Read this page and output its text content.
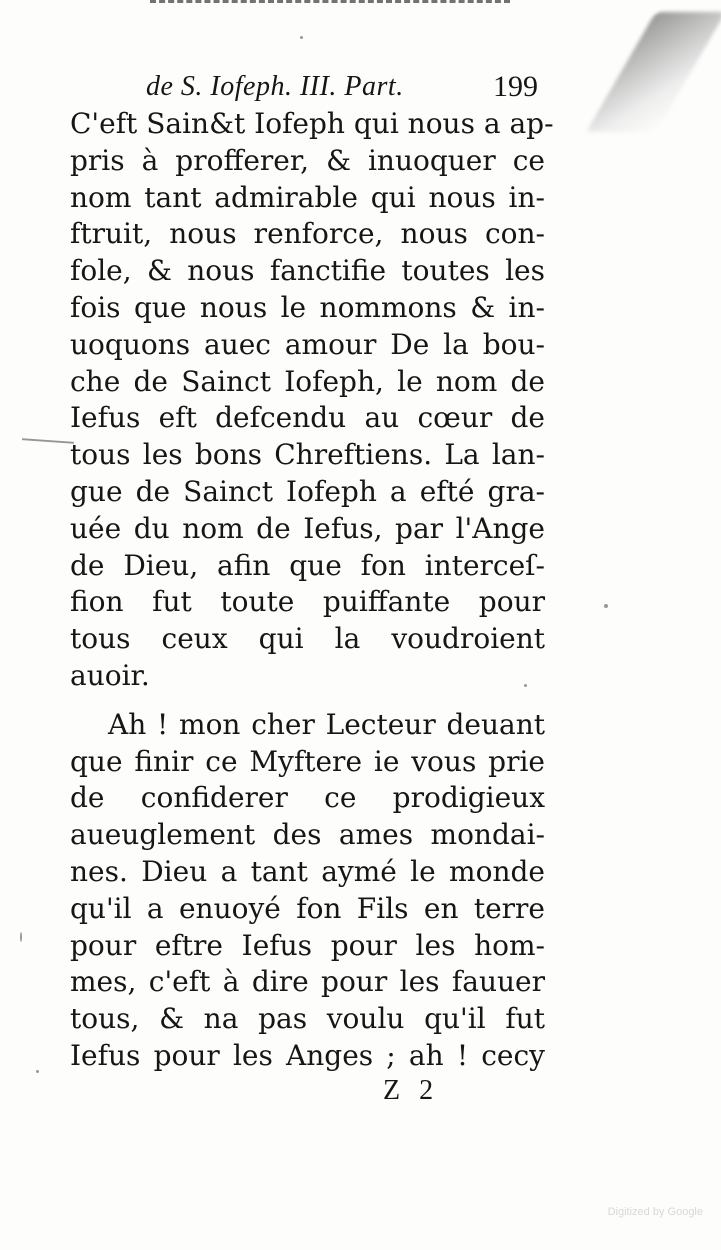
de S. Iofeph. III. Part.	199
C'eft Sain&t Iofeph qui nous a ap-
pris à profferer, & inuoquer ce
nom tant admirable qui nous in-
ftruit, nous renforce, nous con-
fole, & nous fanctifie toutes les
fois que nous le nommons & in-
uoquons auec amour De la bou-
che de Sainct Iofeph, le nom de
Iefus eft defcendu au cœur de
tous les bons Chreftiens. La lan-
gue de Sainct Iofeph a efté gra-
uée du nom de Iefus, par l'Ange
de Dieu, afin que fon interceſ-
fion fut toute puiffante pour
tous ceux qui la voudroient
auoir.
Ah ! mon cher Lecteur deuant
que finir ce Myftere ie vous prie
de confiderer ce prodigieux
aueuglement des ames mondai-
nes. Dieu a tant aymé le monde
qu'il a enuoyé fon Fils en terre
pour eftre Iefus pour les hom-
mes, c'eft à dire pour les fauuer
tous, & na pas voulu qu'il fut
Iefus pour les Anges ; ah ! cecy
Z 2
Digitized by Google
